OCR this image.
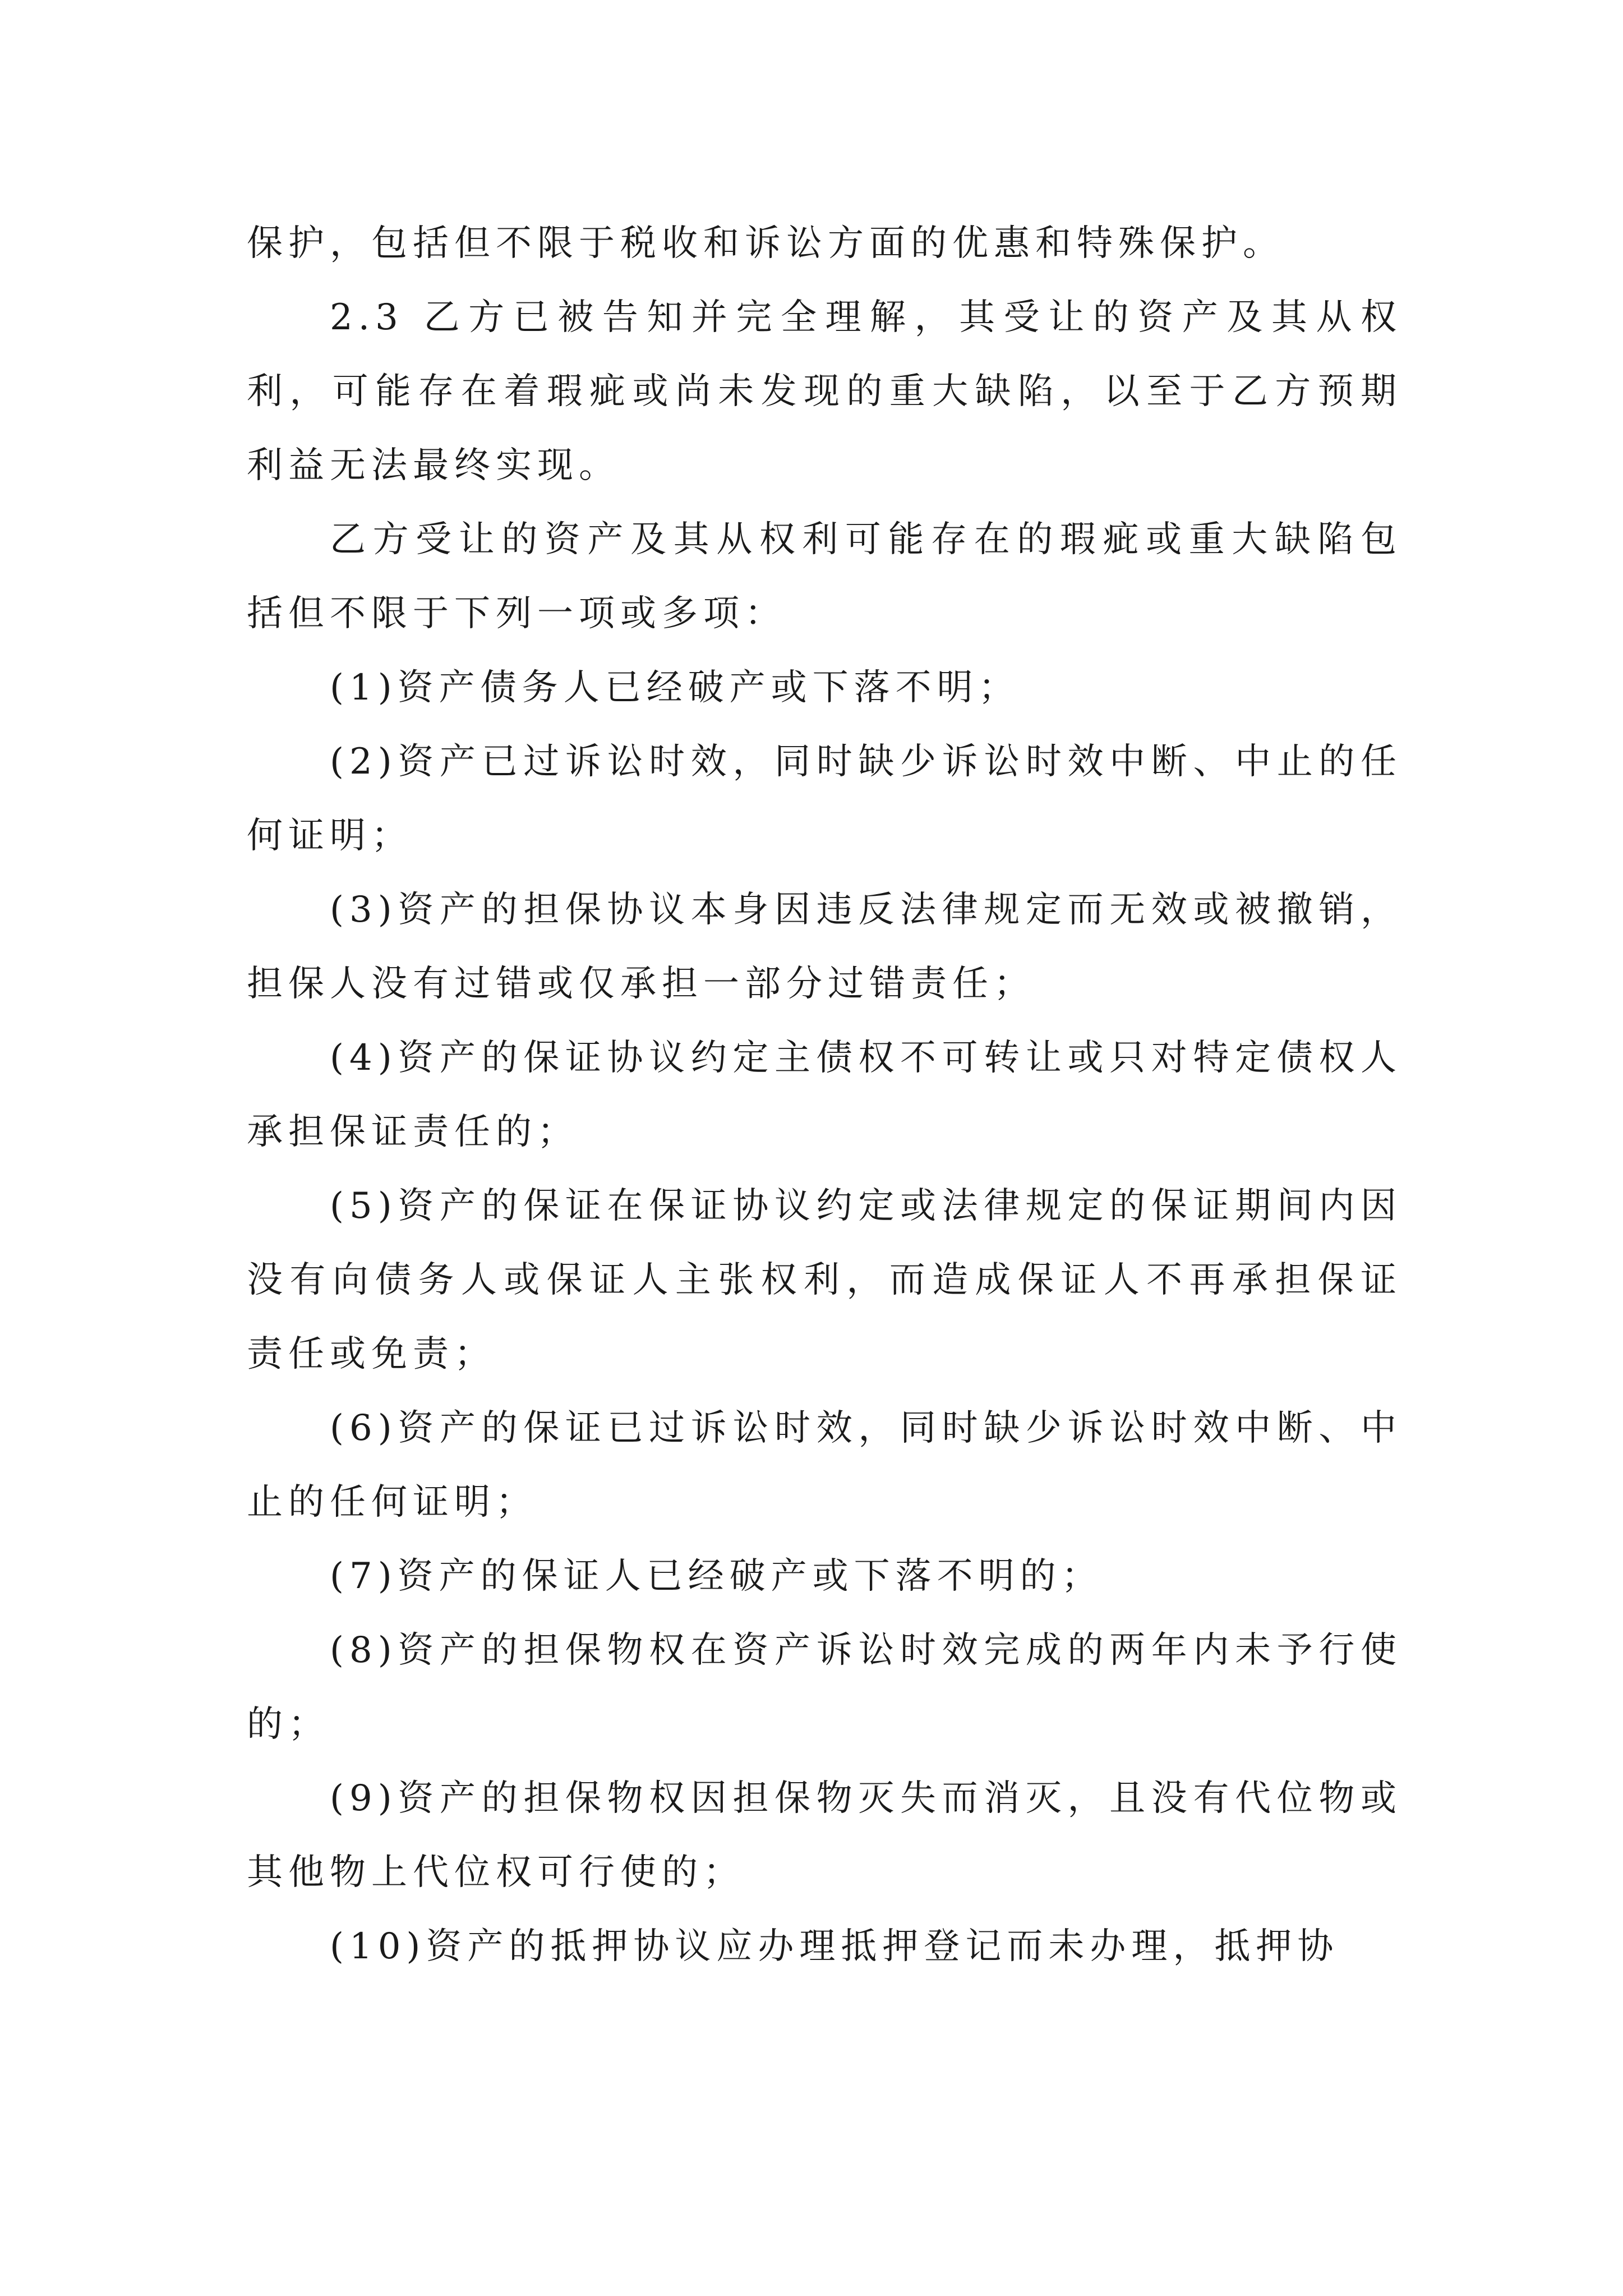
保护，包括但不限于税收和诉讼方面的优惠和特殊保护。

2.3 乙方已被告知并完全理解，其受让的资产及其从权利，可能存在着瑕疵或尚未发现的重大缺陷，以至于乙方预期利益无法最终实现。

乙方受让的资产及其从权利可能存在的瑕疵或重大缺陷包括但不限于下列一项或多项：

(1)资产债务人已经破产或下落不明；

(2)资产已过诉讼时效，同时缺少诉讼时效中断、中止的任何证明；

(3)资产的担保协议本身因违反法律规定而无效或被撤销，担保人没有过错或仅承担一部分过错责任；

(4)资产的保证协议约定主债权不可转让或只对特定债权人承担保证责任的；

(5)资产的保证在保证协议约定或法律规定的保证期间内因没有向债务人或保证人主张权利，而造成保证人不再承担保证责任或免责；

(6)资产的保证已过诉讼时效，同时缺少诉讼时效中断、中止的任何证明；

(7)资产的保证人已经破产或下落不明的；

(8)资产的担保物权在资产诉讼时效完成的两年内未予行使的；

(9)资产的担保物权因担保物灭失而消灭，且没有代位物或其他物上代位权可行使的；

(10)资产的抵押协议应办理抵押登记而未办理，抵押协
